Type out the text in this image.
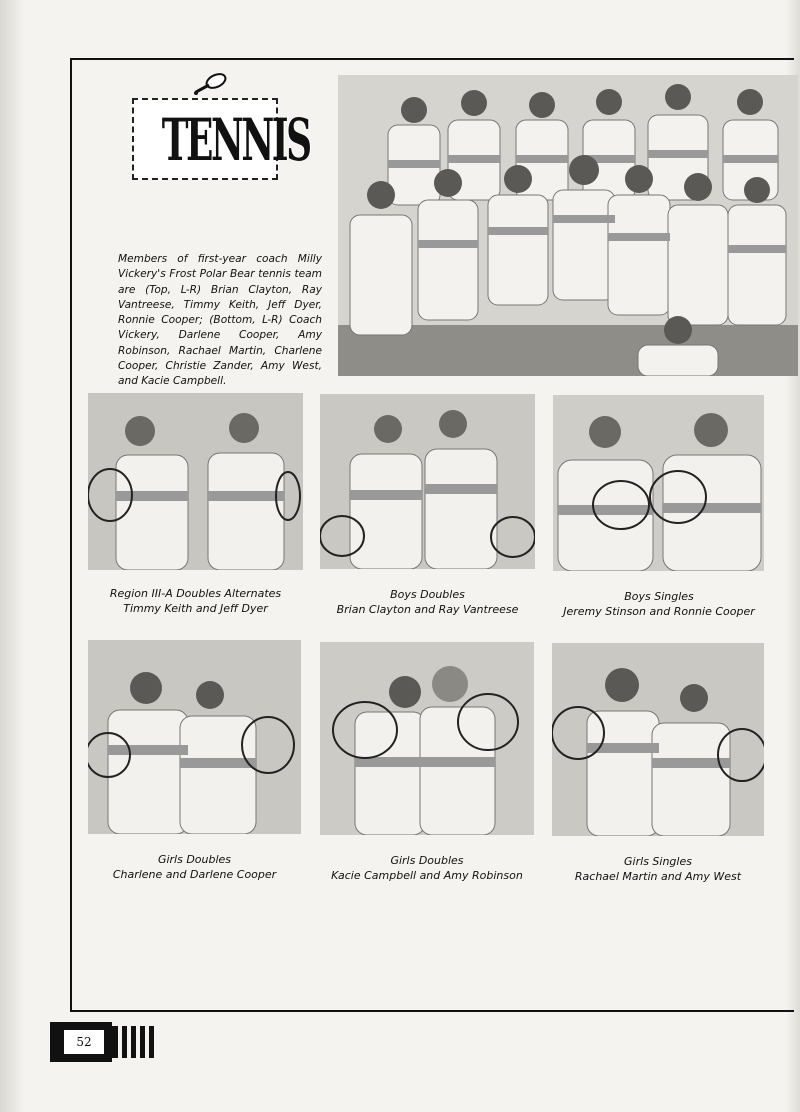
TENNIS
Members of first-year coach Milly Vickery's Frost Polar Bear tennis team are (Top, L-R) Brian Clayton, Ray Vantreese, Timmy Keith, Jeff Dyer, Ronnie Cooper; (Bottom, L-R) Coach Vickery, Darlene Cooper, Amy Robinson, Rachael Martin, Charlene Cooper, Christie Zander, Amy West, and Kacie Campbell.
Region III-A Doubles Alternates
Timmy Keith and Jeff Dyer
Boys Doubles
Brian Clayton and Ray Vantreese
Boys Singles
Jeremy Stinson and Ronnie Cooper
Girls Doubles
Charlene and Darlene Cooper
Girls Doubles
Kacie Campbell and Amy Robinson
Girls Singles
Rachael Martin and Amy West
52
